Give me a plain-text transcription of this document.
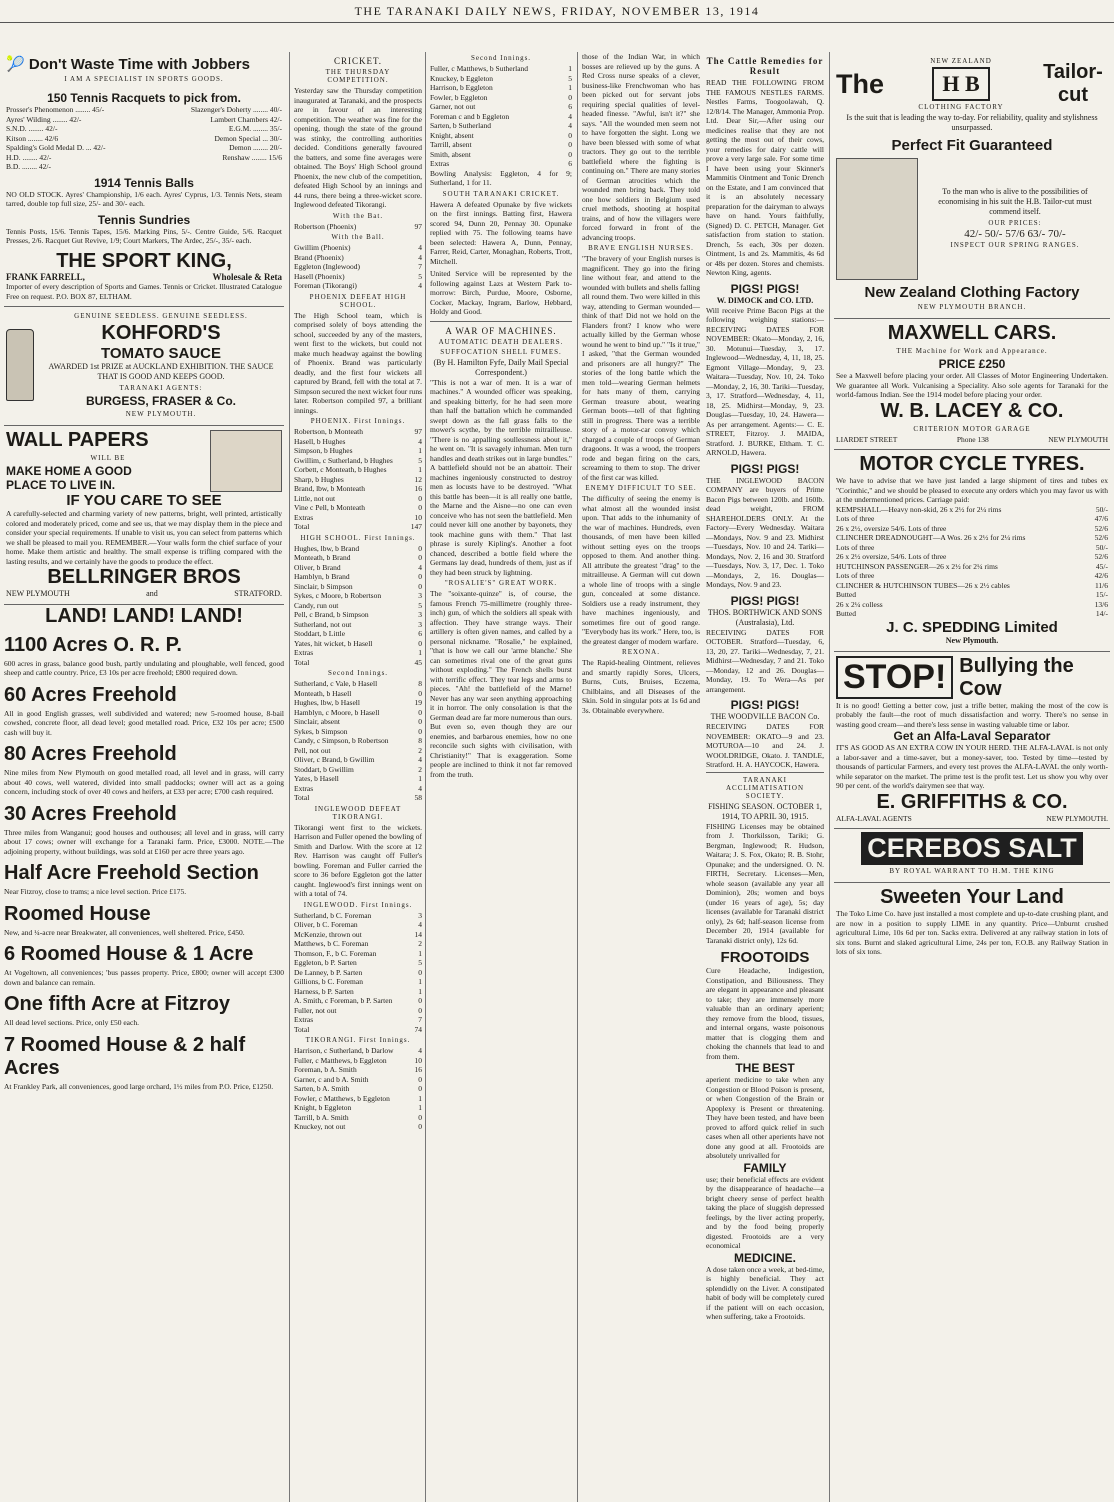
THE TARANAKI DAILY NEWS, FRIDAY, NOVEMBER 13, 1914
🎾 Don't Waste Time with Jobbers
I AM A SPECIALIST IN SPORTS GOODS.
150 Tennis Racquets to pick from.
Prosser's Phenomenon ........ 45/-	Slazenger's Doherty ........ 40/-
Ayres' Wilding ........ 42/-	Lambert Chambers 42/-
S.N.D. ........ 42/-	E.G.M. ........ 35/-
Kitson ........ 42/6	Demon Special ... 30/-
Spalding's Gold Medal D. ... 42/-	Demon ........ 20/-
H.D. ........ 42/-	Renshaw ........ 15/6
B.D. ........ 42/-
1914 Tennis Balls
NO OLD STOCK. Ayres' Championship, 1/6 each. Ayres' Cyprus, 1/3. Tennis Nets, steam tarred, double top full size, 25/- and 30/- each.
Tennis Sundries
Tennis Posts, 15/6. Tennis Tapes, 15/6. Marking Pins, 5/-. Centre Guide, 5/6. Racquet Presses, 2/6. Racquet Gut Revive, 1/9; Court Markers, The Ardec, 25/-, 35/- each.
THE SPORT KING,
FRANK FARRELL,	Wholesale & Reta
Importer of every description of Sports and Games. Tennis or Cricket. Illustrated Catalogue Free on request. P.O. BOX 87, ELTHAM.
GENUINE SEEDLESS. GENUINE SEEDLESS.
KOHFORD'S
TOMATO SAUCE
AWARDED 1st PRIZE at AUCKLAND EXHIBITION. THE SAUCE THAT IS GOOD AND KEEPS GOOD.
TARANAKI AGENTS:
BURGESS, FRASER & Co.
NEW PLYMOUTH.
WALL PAPERS
WILL BE
MAKE HOME A GOOD
PLACE TO LIVE IN.
IF YOU CARE TO SEE
A carefully-selected and charming variety of new patterns, bright, well printed, artistically colored and moderately priced, come and see us, that we may display them in the piece and consider your special requirements. If unable to visit us, you can select from patterns which we shall be pleased to mail you. REMEMBER.—Your walls form the chief surface of your home. Make them artistic and healthy. The small expense is trifling compared with the lasting results, and we certainly have the goods to produce the effect.
BELLRINGER BROS
NEW PLYMOUTH	and	STRATFORD.
LAND! LAND! LAND!
1100 Acres O. R. P.
600 acres in grass, balance good bush, partly undulating and ploughable, well fenced, good sheep and cattle country. Price, £3 10s per acre freehold; £800 required down.
60 Acres Freehold
All in good English grasses, well subdivided and watered; new 5-roomed house, 8-bail cowshed, concrete floor, all dead level; good metalled road. Price, £32 10s per acre; £500 cash will buy it.
80 Acres Freehold
Nine miles from New Plymouth on good metalled road, all level and in grass, will carry about 40 cows, well watered, divided into small paddocks; owner will act as a going concern, including stock of over 40 cows and heifers, at £33 per acre; £700 cash required.
30 Acres Freehold
Three miles from Wanganui; good houses and outhouses; all level and in grass, will carry about 17 cows; owner will exchange for a Taranaki farm. Price, £3000. NOTE.—The adjoining property, without buildings, was sold at £160 per acre three years ago.
Half Acre Freehold Section
Near Fitzroy, close to trams; a nice level section. Price £175.
Roomed House
New, and ¼-acre near Breakwater, all conveniences, well sheltered. Price, £450.
6 Roomed House & 1 Acre
At Vogeltown, all conveniences; 'bus passes property. Price, £800; owner will accept £300 down and balance can remain.
One fifth Acre at Fitzroy
All dead level sections. Price, only £50 each.
7 Roomed House & 2 half Acres
At Frankley Park, all conveniences, good large orchard, 1½ miles from P.O. Price, £1250.
CRICKET.
THE THURSDAY COMPETITION.
Yesterday saw the Thursday competition inaugurated at Taranaki, and the prospects are in favour of an interesting competition. The weather was fine for the opening, though the state of the ground was stinky, the controlling authorities decided. Conditions generally favoured the batters, and some fine averages were obtained. The Boys' High School ground Phoenix, the new club of the competition, defeated High School by an innings and 44 runs, there being a three-wicket score. Inglewood defeated Tikorangi.
With the Bat.
Robertson (Phoenix)	97
With the Ball.
Gwillim (Phoenix)	4
Brand (Phoenix)	4
Eggleton (Inglewood)	7
Hasell (Phoenix)	5
Foreman (Tikorangi)	4
PHOENIX DEFEAT HIGH SCHOOL.
The High School team, which is comprised solely of boys attending the school, succeeded by any of the masters, went first to the wickets, but could not make much headway against the bowling of Phoenix. Brand was particularly deadly, and the first four wickets all captured by Brand, fell with the total at 7. Simpson secured the next wicket four runs later. Robertson compiled 97, a brilliant innings.
PHOENIX. First Innings.
Robertson, b Monteath	97
Hasell, b Hughes	4
Simpson, b Hughes	1
Gwillim, c Sutherland, b Hughes	5
Corbett, c Monteath, b Hughes	1
Sharp, b Hughes	12
Brand, lbw, b Monteath	16
Little, not out	0
Vine c Pell, b Monteath	0
Extras	10
Total	147
HIGH SCHOOL. First Innings.
Hughes, lbw, b Brand	0
Monteath, b Brand	0
Oliver, b Brand	4
Hamblyn, b Brand	0
Sinclair, b Simpson	0
Sykes, c Moore, b Robertson	3
Candy, run out	5
Pell, c Brand, b Simpson	3
Sutherland, not out	3
Stoddart, b Little	6
Yates, hit wicket, b Hasell	0
Extras	1
Total	45
Second Innings.
Sutherland, c Vale, b Hasell	8
Monteath, b Hasell	0
Hughes, lbw, b Hasell	19
Hamblyn, c Moore, b Hasell	0
Sinclair, absent	0
Sykes, b Simpson	0
Candy, c Simpson, b Robertson	8
Pell, not out	2
Oliver, c Brand, b Gwillim	4
Stoddart, b Gwillim	2
Yates, b Hasell	1
Extras	4
Total	58
INGLEWOOD DEFEAT TIKORANGI.
Tikorangi went first to the wickets. Harrison and Fuller opened the bowling of Smith and Darlow. With the score at 12 Rev. Harrison was caught off Fuller's bowling. Foreman and Fuller carried the score to 36 before Eggleton got the latter caught. Inglewood's first innings went on with a total of 74.
INGLEWOOD. First Innings.
Sutherland, b C. Foreman	3
Oliver, b C. Foreman	4
McKenzie, thrown out	14
Matthews, b C. Foreman	2
Thomson, F., b C. Foreman	1
Eggleton, b P. Sarten	5
De Lanney, b P. Sarten	0
Gillions, b C. Foreman	1
Harness, b P. Sarten	1
A. Smith, c Foreman, b P. Sarten	0
Fuller, not out	0
Extras	7
Total	74
TIKORANGI. First Innings.
Harrison, c Sutherland, b Darlow	4
Fuller, c Matthews, b Eggleton	10
Foreman, b A. Smith	16
Garner, c and b A. Smith	0
Sarten, b A. Smith	0
Fowler, c Matthews, b Eggleton	1
Knight, b Eggleton	1
Tarrill, b A. Smith	0
Knuckey, not out	0
Second Innings.
Fuller, c Matthews, b Sutherland	1
Knuckey, b Eggleton	5
Harrison, b Eggleton	1
Fowler, b Eggleton	0
Garner, not out	6
Foreman c and b Eggleton	4
Sarten, b Sutherland	4
Knight, absent	0
Tarrill, absent	0
Smith, absent	0
Extras	6
Bowling Analysis: Eggleton, 4 for 9; Sutherland, 1 for 11.
SOUTH TARANAKI CRICKET.
Hawera A defeated Opunake by five wickets on the first innings. Batting first, Hawera scored 94, Dunn 20, Pennay 30. Opunake replied with 75. The following teams have been selected: Hawera A, Dunn, Pennay, Farrer, Reid, Carter, Monaghan, Roberts, Trott, Mitchell.
United Service will be represented by the following against Lazs at Western Park to-morrow: Birch, Purdue, Moore, Osborne, Cocker, Mackay, Ingram, Barlow, Hebbard, Holdy and Good.
A WAR OF MACHINES.
AUTOMATIC DEATH DEALERS.
SUFFOCATION SHELL FUMES.
(By H. Hamilton Fyfe, Daily Mail Special Correspondent.)
"This is not a war of men. It is a war of machines." A wounded officer was speaking, and speaking bitterly, for he had seen more than half the battalion which he commanded swept down as the fall grass falls to the mower's scythe, by the terrible mitrailleuse. "There is no appalling soullessness about it," he went on. "It is savagely inhuman. Men turn handles and death strikes out in large bundles." A battlefield should not be an abattoir. Their machines ingeniously constructed to destroy men as locusts have to be destroyed. "What this battle has been—it is all really one battle, the Marne and the Aisne—no one can even conceive who has not seen the battlefield. Men could never kill one another by bayonets, they took machine guns with them." That last phrase is surely Kipling's. Another a foot chanced, described a bottle field where the Germans lay dead, hundreds of them, just as if they had been struck by lightning.
"ROSALIE'S" GREAT WORK.
The "soixante-quinze" is, of course, the famous French 75-millimetre (roughly three-inch) gun, of which the soldiers all speak with affection. They have strange ways. Their artillery is often given names, and called by a personal nickname. "Rosalie," he explained, "that is how we call our 'arme blanche.' She can sometimes rival one of the great guns without exploding." The French shells burst with terrific effect. They tear legs and arms to pieces. "Ah! the battlefield of the Marne! Never has any war seen anything approaching it in horror. The only consolation is that the German dead are far more numerous than ours. But even so, even though they are our enemies, and barbarous enemies, how no one reconcile such sights with civilisation, with Christianity!" That is exaggeration. Some people are inclined to think it not far removed from the truth.
those of the Indian War, in which bosses are relieved up by the guns. A Red Cross nurse speaks of a clever, business-like Frenchwoman who has been picked out for servant jobs requiring special qualities of level-headed finesse. "Awful, isn't it?" she says. "All the wounded men seem not to have forgotten the sight. Long we have been blessed with some of what tractors. They go out to the terrible battlefield where the fighting is continuing on." There are many stories of German atrocities which the wounded men bring back. They told one how soldiers in Belgium used cruel methods, shooting at hospital trains, and of how the villagers were forced forward in front of the advancing troops.
BRAVE ENGLISH NURSES.
"The bravery of your English nurses is magnificent. They go into the firing line without fear, and attend to the wounded with bullets and shells falling all round them. Two were killed in this way, attending to German wounded—think of that! Did not we hold on the Flanders front? I know who were actually killed by the German whose wound he went to bind up." "Is it true," I asked, "that the German wounded and prisoners are all hungry?" The stories of the long battle which the men told—wearing German helmets for hats many of them, carrying German treasure about, wearing German boots—tell of that fighting still in progress. There was a terrible story of a motor-car convoy which charged a couple of troops of German dragoons. It was a wood, the troopers rode and began firing on the cars, screaming to them to stop. The driver of the first car was killed.
ENEMY DIFFICULT TO SEE.
The difficulty of seeing the enemy is what almost all the wounded insist upon. That adds to the inhumanity of the war of machines. Hundreds, even thousands, of men have been killed without setting eyes on the troops opposed to them. And another thing. All attribute the greatest "drag" to the mitrailleuse. A German will cut down a whole line of troops with a single gun, concealed at some distance. Soldiers use a ready instrument, they have machines ingeniously, and sometimes fire out of good range. "Everybody has its work." Here, too, is the greatest danger of modern warfare.
REXONA.
The Rapid-healing Ointment, relieves and smartly rapidly Sores, Ulcers, Burns, Cuts, Bruises, Eczema, Chilblains, and all Diseases of the Skin. Sold in singular pots at 1s 6d and 3s. Obtainable everywhere.
The Cattle Remedies for Result
READ THE FOLLOWING FROM THE FAMOUS NESTLES FARMS. Nestles Farms, Toogoolawah, Q. 12/8/14. The Manager, Ammonia Prop. Ltd. Dear Sir,—After using our medicines realise that they are not getting the most out of their cows, your remedies for dairy cattle will prove a very large sale. For some time I have been using your Skinner's Mammitis Ointment and Tonic Drench on the Estate, and I am convinced that it is an absolutely necessary preparation for the dairyman to always have on hand. Yours faithfully, (Signed) D. C. PETCH, Manager. Get satisfaction from station to station. Drench, 5s each, 30s per dozen. Ointment, 1s and 2s. Mammitis, 4s 6d or 48s per dozen. Stores and chemists. Newton King, agents.
PIGS! PIGS!
W. DIMOCK and CO. LTD.
Will receive Prime Bacon Pigs at the following weighing stations:— RECEIVING DATES FOR NOVEMBER: Okato—Monday, 2, 16, 30. Motunui—Tuesday, 3, 17. Inglewood—Wednesday, 4, 11, 18, 25. Egmont Village—Monday, 9, 23. Waitara—Tuesday, Nov. 10, 24. Toko—Monday, 2, 16, 30. Tariki—Tuesday, 3, 17. Stratford—Wednesday, 4, 11, 18, 25. Midhirst—Monday, 9, 23. Douglas—Tuesday, 10, 24. Hawera—As per arrangement. Agents:— C. E. STREET, Fitzroy. J. MAIDA, Stratford. J. BURKE, Eltham. T. C. ARNOLD, Hawera.
PIGS! PIGS!
THE INGLEWOOD BACON COMPANY are buyers of Prime Bacon Pigs between 120lb. and 160lb. dead weight, FROM SHAREHOLDERS ONLY. At the Factory—Every Wednesday. Waitara—Mondays, Nov. 9 and 23. Midhirst—Tuesdays, Nov. 10 and 24. Tariki—Mondays, Nov. 2, 16 and 30. Stratford—Tuesdays, Nov. 3, 17, Dec. 1. Toko—Mondays, 2, 16. Douglas—Mondays, Nov. 9 and 23.
PIGS! PIGS!
THOS. BORTHWICK AND SONS (Australasia), Ltd.
RECEIVING DATES FOR OCTOBER. Stratford—Tuesday, 6, 13, 20, 27. Tariki—Wednesday, 7, 21. Midhirst—Wednesday, 7 and 21. Toko—Monday, 12 and 26. Douglas—Monday, 19. To Wera—As per arrangement.
PIGS! PIGS!
THE WOODVILLE BACON Co.
RECEIVING DATES FOR NOVEMBER: OKATO—9 and 23. MOTUROA—10 and 24. J. WOOLDRIDGE, Okato. J. TANDLE, Stratford. H. A. HAYCOCK, Hawera.
TARANAKI ACCLIMATISATION SOCIETY.
FISHING SEASON. OCTOBER 1, 1914, TO APRIL 30, 1915.
FISHING Licenses may be obtained from J. Thorkilsson, Tariki; G. Bergman, Inglewood; R. Hudson, Waitara; J. S. Fox, Okato; R. B. Stohr, Opunake; and the undersigned. O. N. FIRTH, Secretary. Licenses—Men, whole season (available any year all Dominion), 20s; women and boys (under 16 years of age), 5s; day licenses (available for Taranaki district only), 2s 6d; half-season license from December 20, 1914 (available for Taranaki district only), 12s 6d.
FROOTOIDS
Cure Headache, Indigestion, Constipation, and Biliousness. They are elegant in appearance and pleasant to take; they are immensely more valuable than an ordinary aperient; they remove from the blood, tissues, and internal organs, waste poisonous matter that is clogging them and choking the channels that lead to and from them.
THE BEST
aperient medicine to take when any Congestion or Blood Poison is present, or when Congestion of the Brain or Apoplexy is Present or threatening. They have been tested, and have been proved to afford quick relief in such cases when all other aperients have not done any good at all. Frootoids are absolutely unrivalled for
FAMILY
use; their beneficial effects are evident by the disappearance of headache—a bright cheery sense of perfect health taking the place of sluggish depressed feelings, by the liver acting properly, and by the food being properly digested. Frootoids are a very economical
MEDICINE.
A dose taken once a week, at bed-time, is highly beneficial. They act splendidly on the Liver. A constipated habit of body will be completely cured if the patient will on each occasion, when suffering, take a Frootoids.
The
NEW ZEALAND
H B
CLOTHING FACTORY
Tailor-cut
Is the suit that is leading the way to-day. For reliability, quality and stylishness unsurpassed.
Perfect Fit Guaranteed
To the man who is alive to the possibilities of economising in his suit the H.B. Tailor-cut must commend itself.
OUR PRICES:
42/- 50/- 57/6 63/- 70/-
INSPECT OUR SPRING RANGES.
New Zealand Clothing Factory
NEW PLYMOUTH BRANCH.
MAXWELL CARS.
THE Machine for Work and Appearance.
PRICE £250
See a Maxwell before placing your order. All Classes of Motor Engineering Undertaken. We guarantee all Work. Vulcanising a Speciality. Also sole agents for Taranaki for the world-famous Indian. See the 1914 model before placing your order.
W. B. LACEY & CO.
CRITERION MOTOR GARAGE
LIARDET STREET	Phone 138	NEW PLYMOUTH
MOTOR CYCLE TYRES.
We have to advise that we have just landed a large shipment of tires and tubes ex "Corinthic," and we should be pleased to execute any orders which you may favor us with at the undermentioned prices. Carriage paid:
KEMPSHALL—Heavy non-skid, 26 x 2½ for 2¼ rims	50/-
Lots of three	47/6
26 x 2½, oversize 54/6. Lots of three	52/6
CLINCHER DREADNOUGHT—A Wos. 26 x 2½ for 2¼ rims	52/6
Lots of three	50/-
26 x 2½ oversize, 54/6. Lots of three	52/6
HUTCHINSON PASSENGER—26 x 2½ for 2¼ rims	45/-
Lots of three	42/6
CLINCHER & HUTCHINSON TUBES—26 x 2½ cables	11/6
Butted	15/-
26 x 2¼ colless	13/6
Butted	14/-
J. C. SPEDDING Limited
New Plymouth.
STOP! Bullying the Cow
It is no good! Getting a better cow, just a trifle better, making the most of the cow is probably the fault—the root of much dissatisfaction and worry. There's no sense in wasting good cream—and there's less sense in wasting valuable time or labor.
Get an Alfa-Laval Separator
IT'S AS GOOD AS AN EXTRA COW IN YOUR HERD. THE ALFA-LAVAL is not only a labor-saver and a time-saver, but a money-saver, too. Tested by time—tested by thousands of particular Farmers, and every test proves the ALFA-LAVAL the only worth-while separator on the market. The prime test is the profit test. Let us show you why over 90 per cent. of the world's dairymen see that way.
E. GRIFFITHS & CO.
ALFA-LAVAL AGENTS	NEW PLYMOUTH.
CEREBOS SALT
BY ROYAL WARRANT TO H.M. THE KING
Sweeten Your Land
The Toko Lime Co. have just installed a most complete and up-to-date crushing plant, and are now in a position to supply LIME in any quantity. Price—Unburnt crushed agricultural Lime, 10s 6d per ton. Sacks extra. Delivered at any railway station in lots of six tons. Burnt and slaked agricultural Lime, 24s per ton, F.O.B. any Railway Station in lots of six tons.
